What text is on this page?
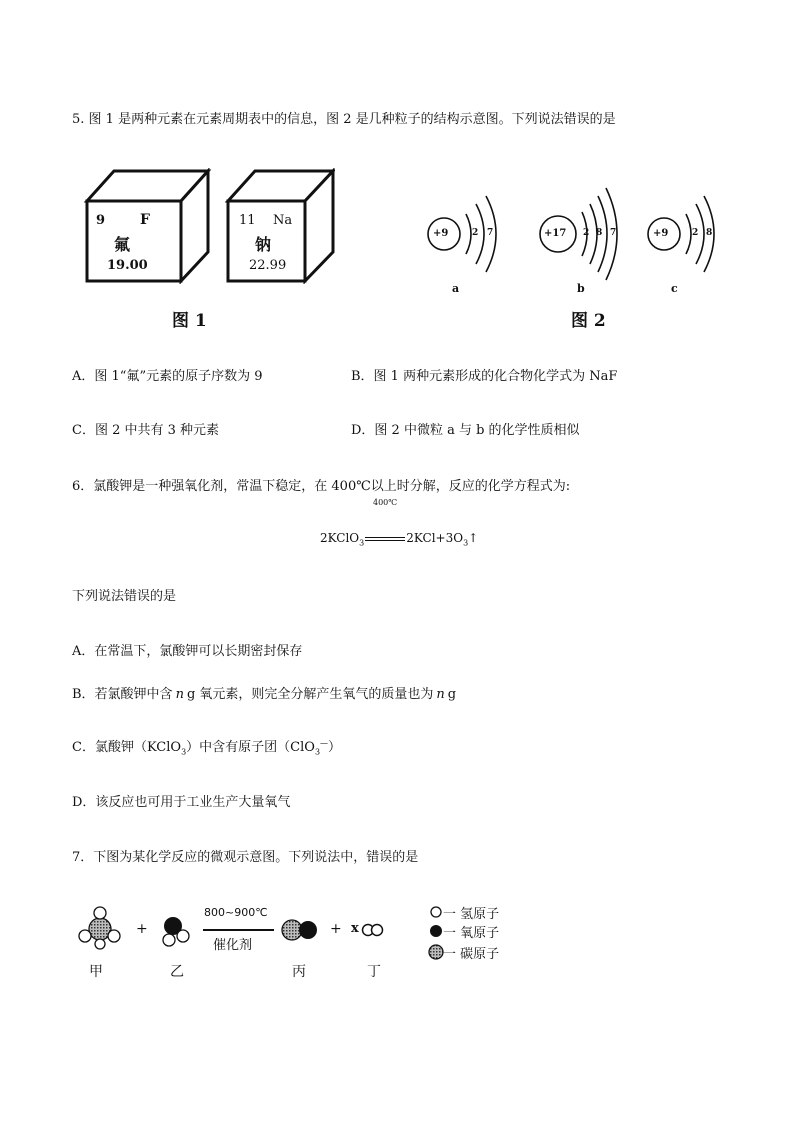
5. 图 1 是两种元素在元素周期表中的信息，图 2 是几种粒子的结构示意图。下列说法错误的是
9 F
氟
19.00
11 Na
钠
22.99
图 1
+9	2 7
a
+17 2 8 7
b
+9	2 8
c
图 2
A．图 1“氟”元素的原子序数为 9	B．图 1 两种元素形成的化合物化学式为 NaF
C．图 2 中共有 3 种元素	D．图 2 中微粒 a 与 b 的化学性质相似
6．氯酸钾是一种强氧化剂，常温下稳定，在 400℃以上时分解，反应的化学方程式为:
400℃
2KClO$_3$	$2KCl+3O_3↑$
下列说法错误的是
A．在常温下，氯酸钾可以长期密封保存
B．若氯酸钾中含 n g 氧元素，则完全分解产生氧气的质量也为 n g
C．氯酸钾（KClO$_3$）中含有原子团（ClO$_3$—）
D．该反应也可用于工业生产大量氧气
7．下图为某化学反应的微观示意图。下列说法中，错误的是
+
800~900℃
催化剂
+ x
甲	乙	丙	丁
一 氢原子
一 氧原子
一 碳原子
